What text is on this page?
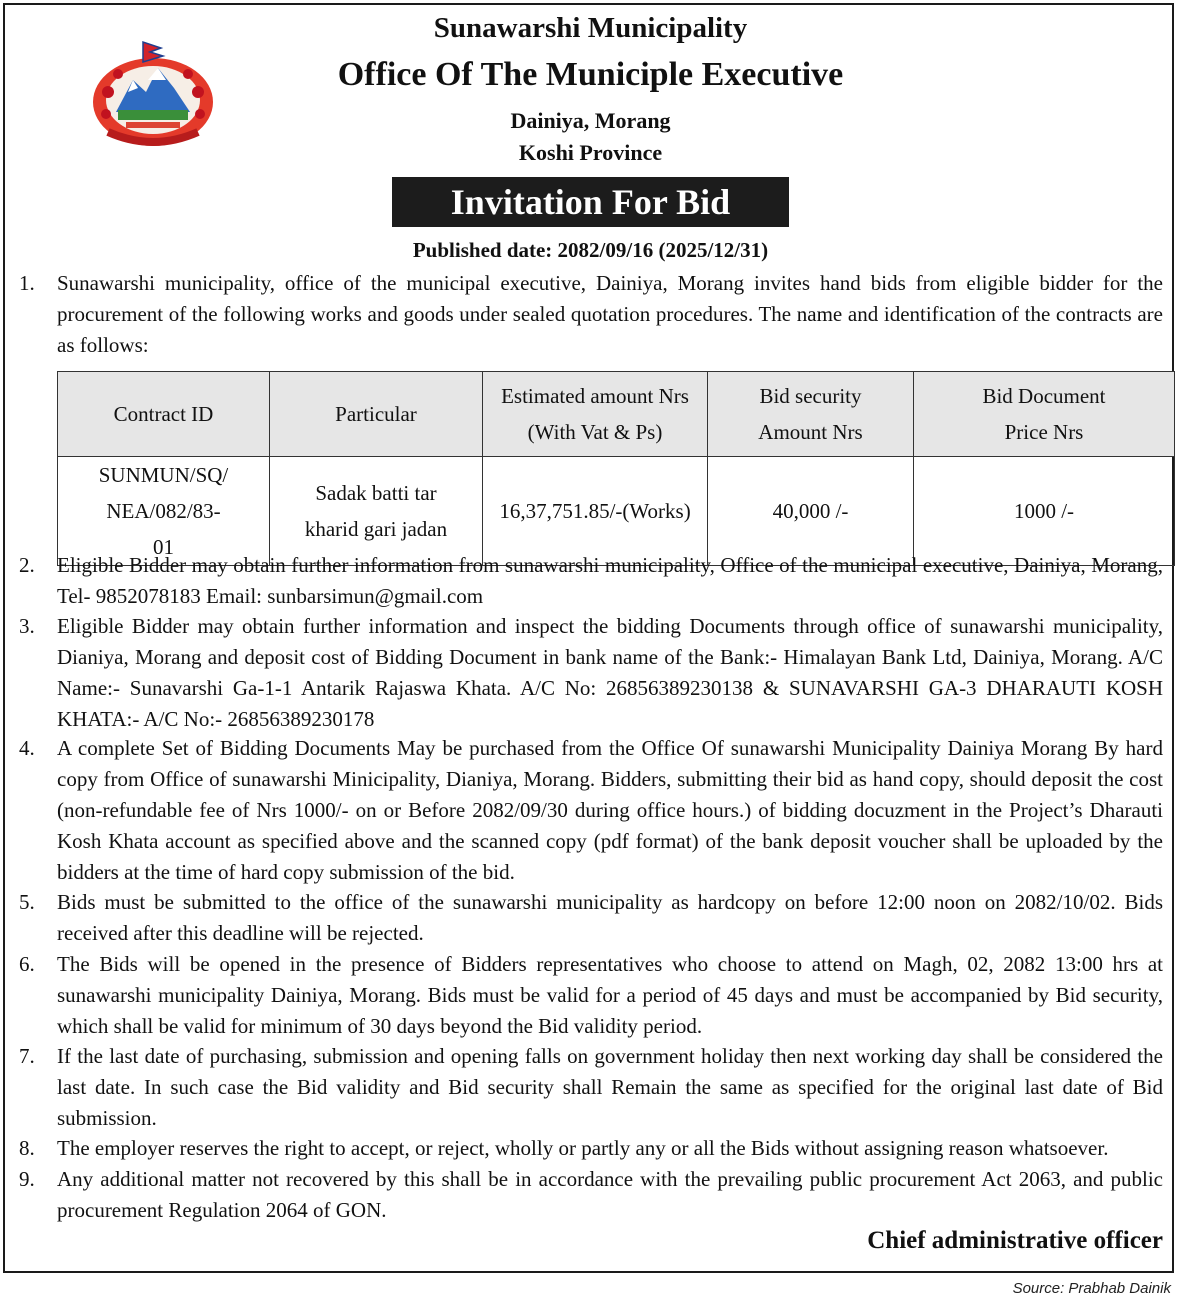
Sunawarshi Municipality
Office Of The Municiple Executive
Dainiya, Morang
Koshi Province
Invitation For Bid
Published date: 2082/09/16 (2025/12/31)
1. Sunawarshi municipality, office of the municipal executive, Dainiya, Morang invites hand bids from eligible bidder for the procurement of the following works and goods under sealed quotation procedures. The name and identification of the contracts are as follows:
Contract ID	Particular	Estimated amount Nrs (With Vat & Ps)	Bid security Amount Nrs	Bid Document Price Nrs
SUNMUN/SQ/ NEA/082/83-01	Sadak batti tar kharid gari jadan	16,37,751.85/-(Works)	40,000 /-	1000 /-
2. Eligible Bidder may obtain further information from sunawarshi municipality, Office of the municipal executive, Dainiya, Morang, Tel- 9852078183 Email: sunbarsimun@gmail.com
3. Eligible Bidder may obtain further information and inspect the bidding Documents through office of sunawarshi municipality, Dianiya, Morang and deposit cost of Bidding Document in bank name of the Bank:- Himalayan Bank Ltd, Dainiya, Morang. A/C Name:- Sunavarshi Ga-1-1 Antarik Rajaswa Khata. A/C No: 26856389230138 & SUNAVARSHI GA-3 DHARAUTI KOSH KHATA:- A/C No:- 26856389230178
4. A complete Set of Bidding Documents May be purchased from the Office Of sunawarshi Municipality Dainiya Morang By hard copy from Office of sunawarshi Minicipality, Dianiya, Morang. Bidders, submitting their bid as hand copy, should deposit the cost (non-refundable fee of Nrs 1000/- on or Before 2082/09/30 during office hours.) of bidding docuzment in the Project’s Dharauti Kosh Khata account as specified above and the scanned copy (pdf format) of the bank deposit voucher shall be uploaded by the bidders at the time of hard copy submission of the bid.
5. Bids must be submitted to the office of the sunawarshi municipality as hardcopy on before 12:00 noon on 2082/10/02. Bids received after this deadline will be rejected.
6. The Bids will be opened in the presence of Bidders representatives who choose to attend on Magh, 02, 2082 13:00 hrs at sunawarshi municipality Dainiya, Morang. Bids must be valid for a period of 45 days and must be accompanied by Bid security, which shall be valid for minimum of 30 days beyond the Bid validity period.
7. If the last date of purchasing, submission and opening falls on government holiday then next working day shall be considered the last date. In such case the Bid validity and Bid security shall Remain the same as specified for the original last date of Bid submission.
8. The employer reserves the right to accept, or reject, wholly or partly any or all the Bids without assigning reason whatsoever.
9. Any additional matter not recovered by this shall be in accordance with the prevailing public procurement Act 2063, and public procurement Regulation 2064 of GON.
Chief administrative officer
Source: Prabhab Dainik
